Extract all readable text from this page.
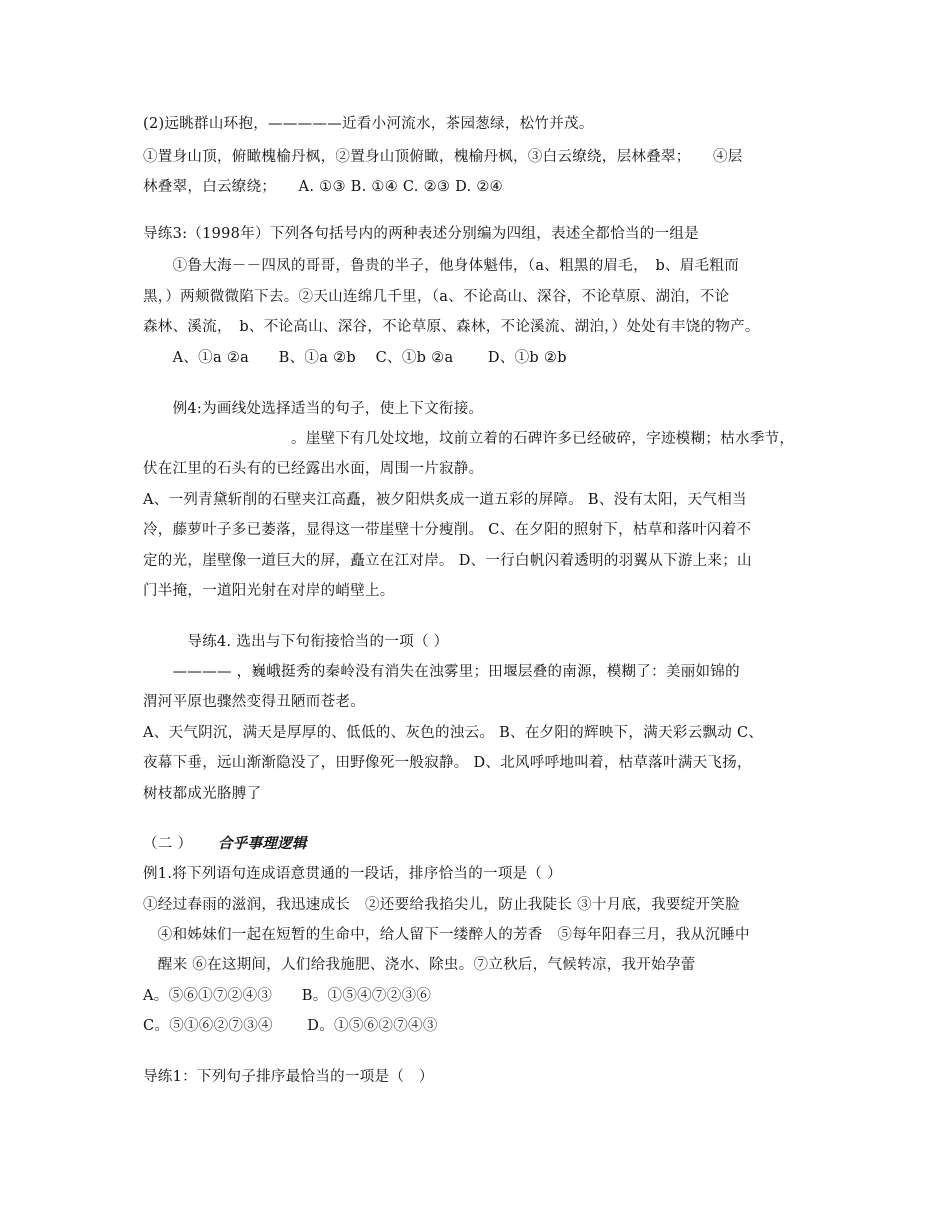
(2)远眺群山环抱，—————近看小河流水，茶园葱绿，松竹并茂。
①置身山顶，俯瞰槐榆丹枫，②置身山顶俯瞰，槐榆丹枫，③白云缭绕，层林叠翠；　　④层
林叠翠，白云缭绕；　　A. ①③ B. ①④ C. ②③ D. ②④
导练3:（1998年）下列各句括号内的两种表述分别编为四组，表述全都恰当的一组是
　　①鲁大海－－四凤的哥哥，鲁贵的半子，他身体魁伟，（a、粗黑的眉毛，　b、眉毛粗而
黑，）两颊微微陷下去。②天山连绵几千里，（a、不论高山、深谷，不论草原、湖泊，不论
森林、溪流，　b、不论高山、深谷，不论草原、森林，不论溪流、湖泊，）处处有丰饶的物产。
　　A、①a ②a　　B、①a ②b　 C、①b ②a　　 D、①b ②b
　　例4:为画线处选择适当的句子，使上下文衔接。
　　　　　　　　　　。崖壁下有几处坟地，坟前立着的石碑许多已经破碎，字迹模糊；枯水季节，
伏在江里的石头有的已经露出水面，周围一片寂静。
A、一列青黛斩削的石壁夹江高矗，被夕阳烘炙成一道五彩的屏障。 B、没有太阳，天气相当
冷，藤萝叶子多已萎落，显得这一带崖壁十分瘦削。 C、在夕阳的照射下，枯草和落叶闪着不
定的光，崖壁像一道巨大的屏，矗立在江对岸。 D、一行白帆闪着透明的羽翼从下游上来；山
门半掩，一道阳光射在对岸的峭壁上。
　　　导练4. 选出与下句衔接恰当的一项（ ）
　　———— ，巍峨挺秀的秦岭没有消失在浊雾里；田堰层叠的南源，模糊了：美丽如锦的
渭河平原也骤然变得丑陋而苍老。
A、天气阴沉，满天是厚厚的、低低的、灰色的浊云。 B、在夕阳的辉映下，满天彩云飘动 C、
夜幕下垂，远山渐渐隐没了，田野像死一般寂静。 D、北风呼呼地叫着，枯草落叶满天飞扬，
树枝都成光胳膊了
（二 ）　　 合乎事理逻辑
例1.将下列语句连成语意贯通的一段话，排序恰当的一项是（ ）
①经过春雨的滋润，我迅速成长　②还要给我掐尖儿，防止我陡长 ③十月底，我要绽开笑脸
　④和姊妹们一起在短暂的生命中，给人留下一缕醉人的芳香　⑤每年阳春三月，我从沉睡中
　醒来 ⑥在这期间，人们给我施肥、浇水、除虫。⑦立秋后，气候转凉，我开始孕蕾
A。⑤⑥①⑦②④③　　B。①⑤④⑦②③⑥
C。⑤①⑥②⑦③④　　 D。①⑤⑥②⑦④③
导练1：下列句子排序最恰当的一项是（　）
